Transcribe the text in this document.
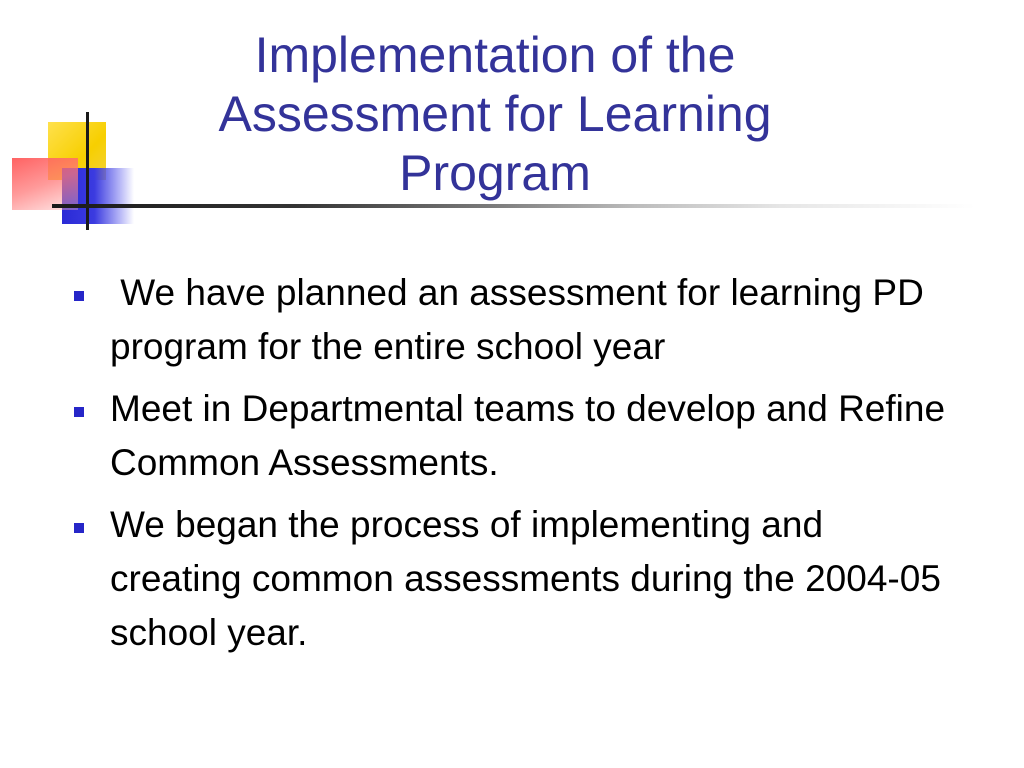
Implementation of the Assessment for Learning Program
We have planned an assessment for learning PD program for the entire school year
Meet in Departmental teams to develop and Refine Common Assessments.
We began the process of implementing and creating common assessments during the 2004-05 school year.
